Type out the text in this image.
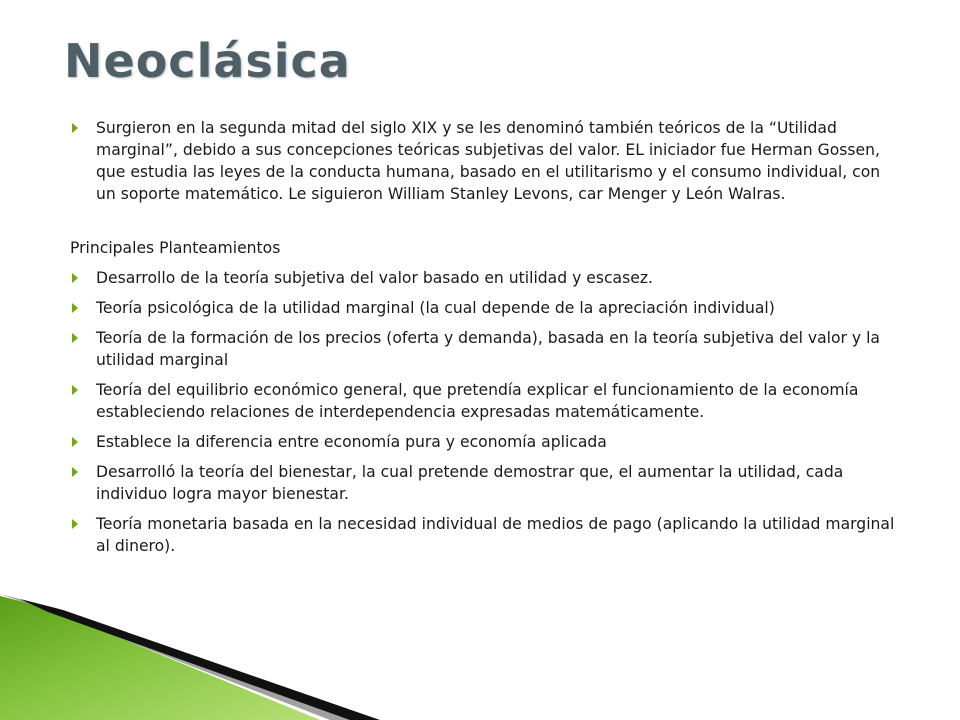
Neoclásica
Surgieron en la segunda mitad del siglo XIX y se les denominó también teóricos de la “Utilidad marginal”, debido a sus concepciones teóricas subjetivas del valor. EL iniciador fue Herman Gossen, que estudia las leyes de la conducta humana, basado en el utilitarismo y el consumo individual, con un soporte matemático. Le siguieron William Stanley Levons, car Menger y León Walras.
Principales Planteamientos
Desarrollo de la teoría subjetiva del valor basado en utilidad y escasez.
Teoría psicológica de la utilidad marginal (la cual depende de la apreciación individual)
Teoría de la formación de los precios (oferta y demanda), basada en la teoría subjetiva del valor y la utilidad marginal
Teoría del equilibrio económico general, que pretendía explicar el funcionamiento de la economía estableciendo relaciones de interdependencia expresadas matemáticamente.
Establece la diferencia entre economía pura y economía aplicada
Desarrolló la teoría del bienestar, la cual pretende demostrar que, el aumentar la utilidad, cada individuo logra mayor bienestar.
Teoría monetaria basada en la necesidad individual de medios de pago (aplicando la utilidad marginal al dinero).
